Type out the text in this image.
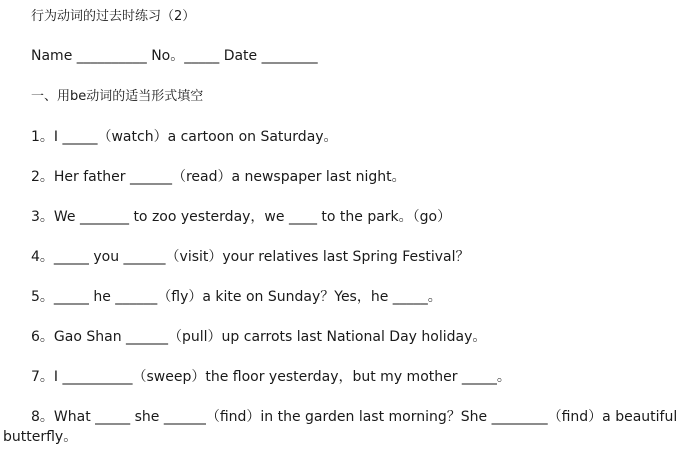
行为动词的过去时练习（2）
Name __________ No。_____ Date ________
一、用be动词的适当形式填空
1。I _____（watch）a cartoon on Saturday。
2。Her father ______（read）a newspaper last night。
3。We _______ to zoo yesterday，we ____ to the park。（go）
4。_____ you ______（visit）your relatives last Spring Festival？
5。_____ he ______（fly）a kite on Sunday？Yes，he _____。
6。Gao Shan ______（pull）up carrots last National Day holiday。
7。I __________（sweep）the floor yesterday，but my mother _____。
8。What _____ she ______（find）in the garden last morning？She ________（find）a beautiful
butterfly。
